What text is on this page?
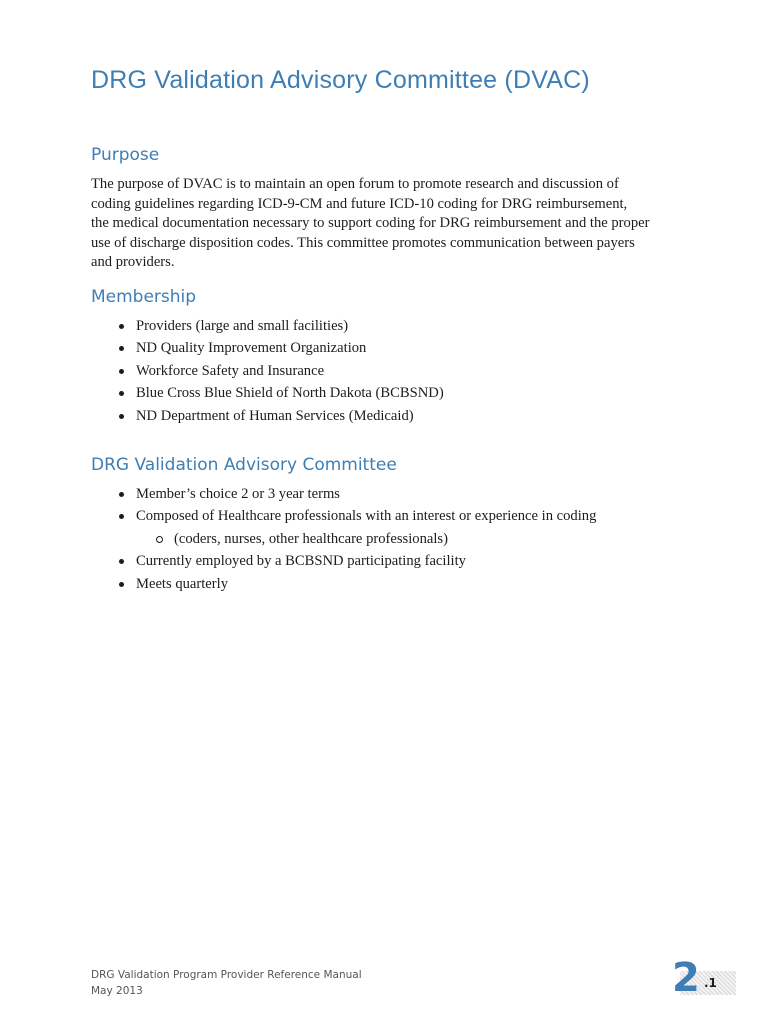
DRG Validation Advisory Committee (DVAC)
Purpose
The purpose of DVAC is to maintain an open forum to promote research and discussion of
coding guidelines regarding ICD-9-CM and future ICD-10 coding for DRG reimbursement,
the medical documentation necessary to support coding for DRG reimbursement and the proper
use of discharge disposition codes. This committee promotes communication between payers
and providers.
Membership
Providers (large and small facilities)
ND Quality Improvement Organization
Workforce Safety and Insurance
Blue Cross Blue Shield of North Dakota (BCBSND)
ND Department of Human Services (Medicaid)
DRG Validation Advisory Committee
Member’s choice 2 or 3 year terms
Composed of Healthcare professionals with an interest or experience in coding
(coders, nurses, other healthcare professionals)
Currently employed by a BCBSND participating facility
Meets quarterly
DRG Validation Program Provider Reference Manual
May 2013	2 .1
